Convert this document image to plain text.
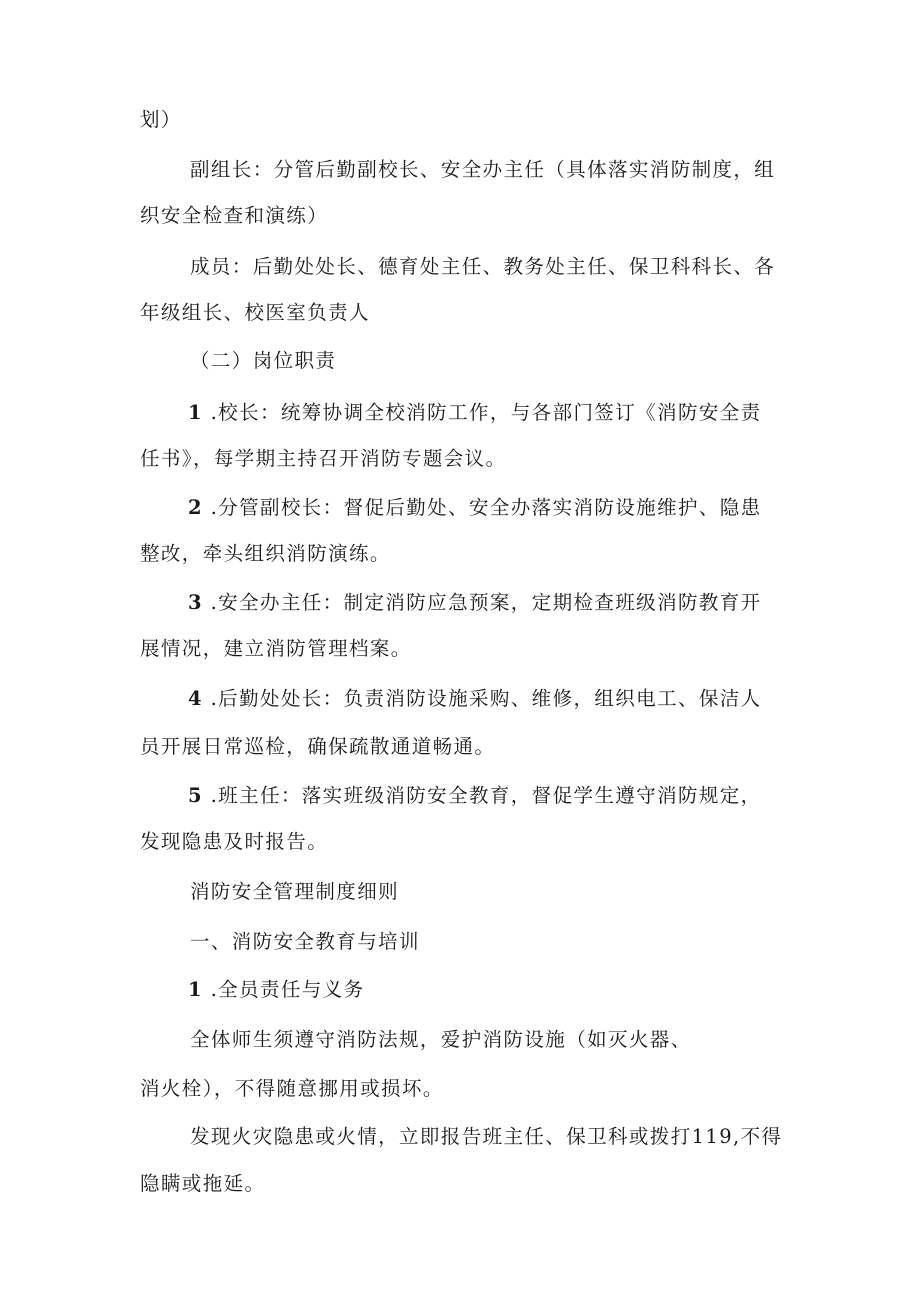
划）

副组长：分管后勤副校长、安全办主任（具体落实消防制度，组

织安全检查和演练）

成员：后勤处处长、德育处主任、教务处主任、保卫科科长、各

年级组长、校医室负责人

（二）岗位职责

1 .校长：统筹协调全校消防工作，与各部门签订《消防安全责

任书》，每学期主持召开消防专题会议。

2 .分管副校长：督促后勤处、安全办落实消防设施维护、隐患

整改，牵头组织消防演练。

3 .安全办主任：制定消防应急预案，定期检查班级消防教育开

展情况，建立消防管理档案。

4 .后勤处处长：负责消防设施采购、维修，组织电工、保洁人

员开展日常巡检，确保疏散通道畅通。

5 .班主任：落实班级消防安全教育，督促学生遵守消防规定，

发现隐患及时报告。

消防安全管理制度细则

一、消防安全教育与培训

1 .全员责任与义务

全体师生须遵守消防法规，爱护消防设施（如灭火器、

消火栓），不得随意挪用或损坏。

发现火灾隐患或火情，立即报告班主任、保卫科或拨打119,不得

隐瞒或拖延。
